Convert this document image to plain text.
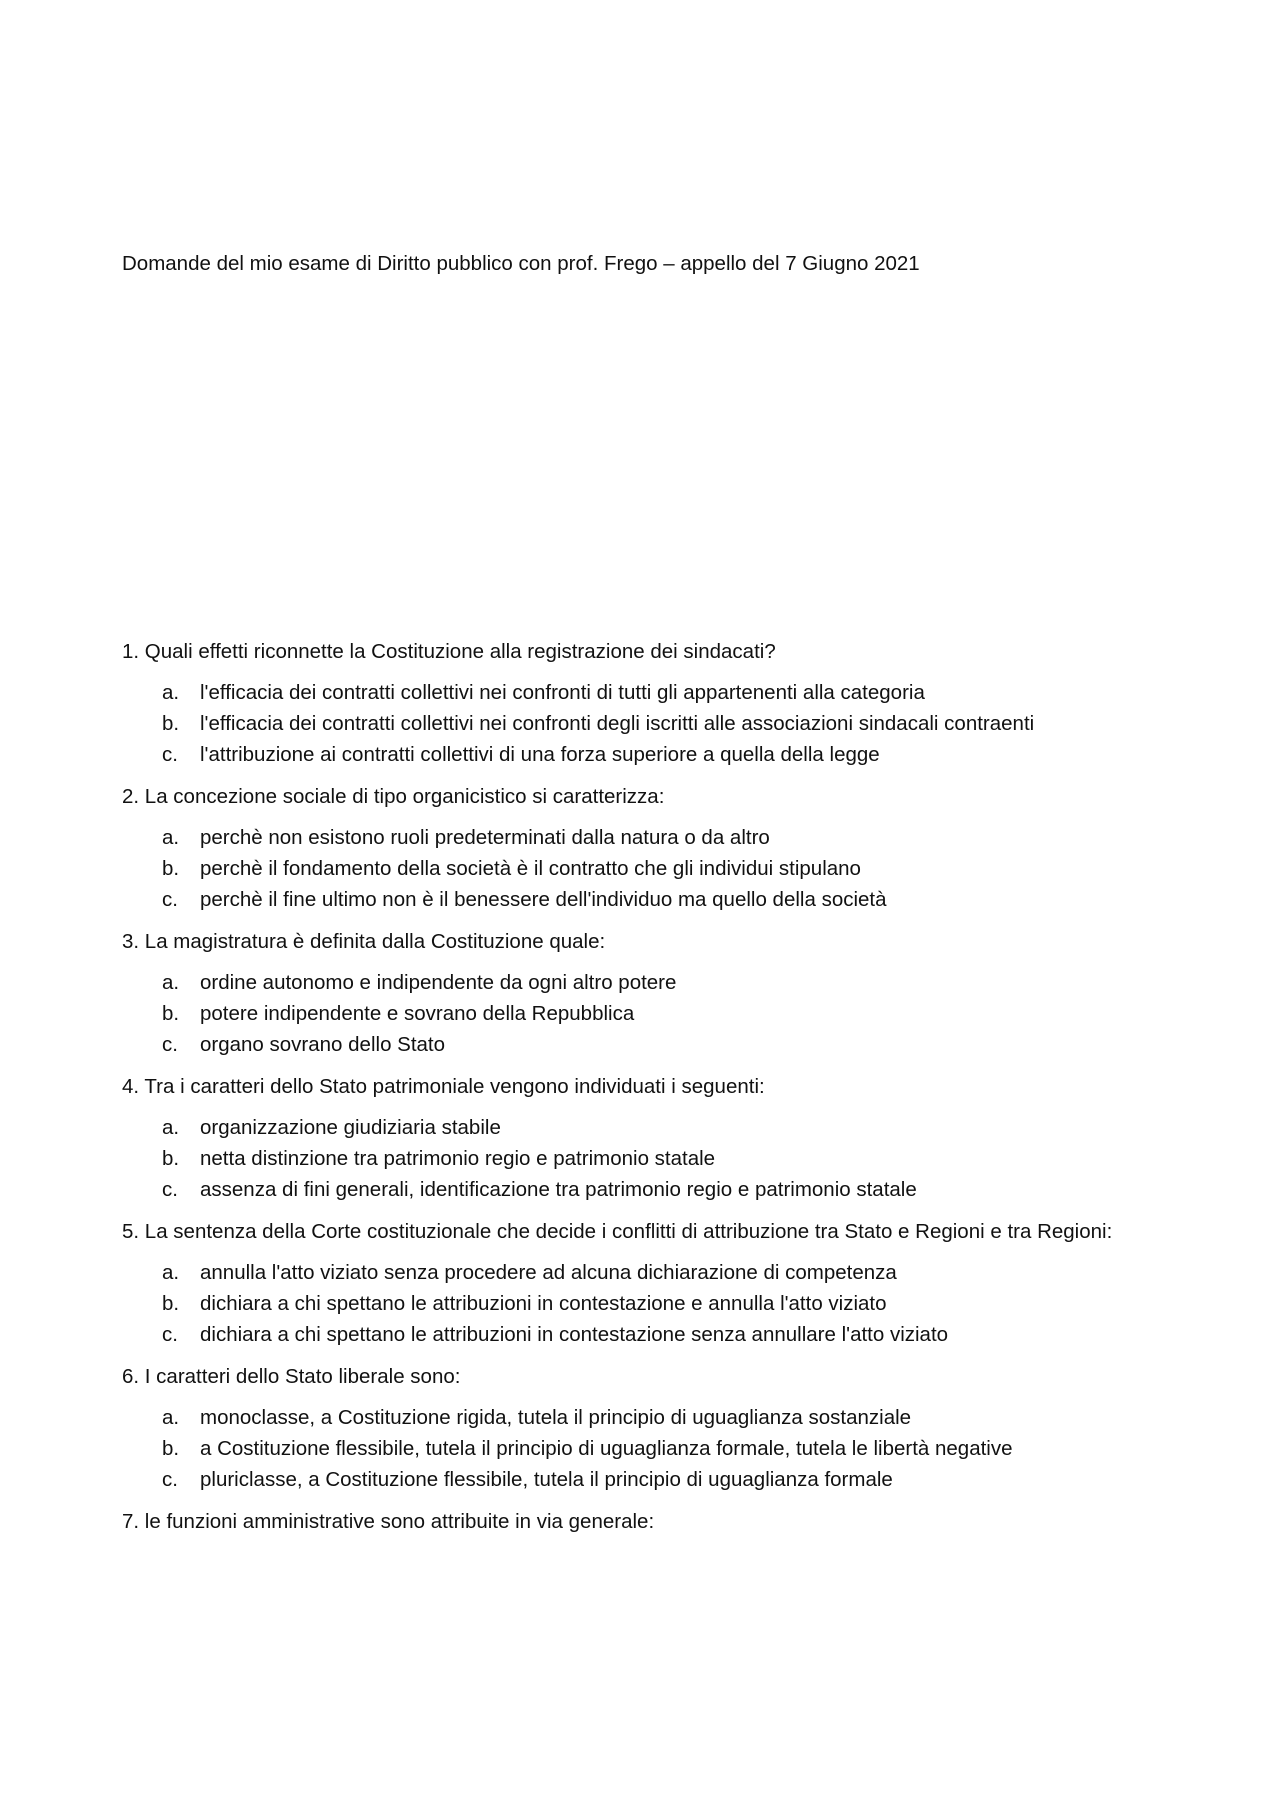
Domande del mio esame di Diritto pubblico con prof. Frego – appello del 7 Giugno 2021
1. Quali effetti riconnette la Costituzione alla registrazione dei sindacati?
a.	l'efficacia dei contratti collettivi nei confronti di tutti gli appartenenti alla categoria
b.	l'efficacia dei contratti collettivi nei confronti degli iscritti alle associazioni sindacali contraenti
c.	l'attribuzione ai contratti collettivi di una forza superiore a quella della legge
2. La concezione sociale di tipo organicistico si caratterizza:
a.	perchè non esistono ruoli predeterminati dalla natura o da altro
b.	perchè il fondamento della società è il contratto che gli individui stipulano
c.	perchè il fine ultimo non è il benessere dell'individuo ma quello della società
3. La magistratura è definita dalla Costituzione quale:
a.	ordine autonomo e indipendente da ogni altro potere
b.	potere indipendente e sovrano della Repubblica
c.	organo sovrano dello Stato
4. Tra i caratteri dello Stato patrimoniale vengono individuati i seguenti:
a.	organizzazione giudiziaria stabile
b.	netta distinzione tra patrimonio regio e patrimonio statale
c.	assenza di fini generali, identificazione tra patrimonio regio e patrimonio statale
5. La sentenza della Corte costituzionale che decide i conflitti di attribuzione tra Stato e Regioni e tra Regioni:
a.	annulla l'atto viziato senza procedere ad alcuna dichiarazione di competenza
b.	dichiara a chi spettano le attribuzioni in contestazione e annulla l'atto viziato
c.	dichiara a chi spettano le attribuzioni in contestazione senza annullare l'atto viziato
6. I caratteri dello Stato liberale sono:
a.	monoclasse, a Costituzione rigida, tutela il principio di uguaglianza sostanziale
b.	a Costituzione flessibile, tutela il principio di uguaglianza formale, tutela le libertà negative
c.	pluriclasse, a Costituzione flessibile, tutela il principio di uguaglianza formale
7. le funzioni amministrative sono attribuite in via generale:
